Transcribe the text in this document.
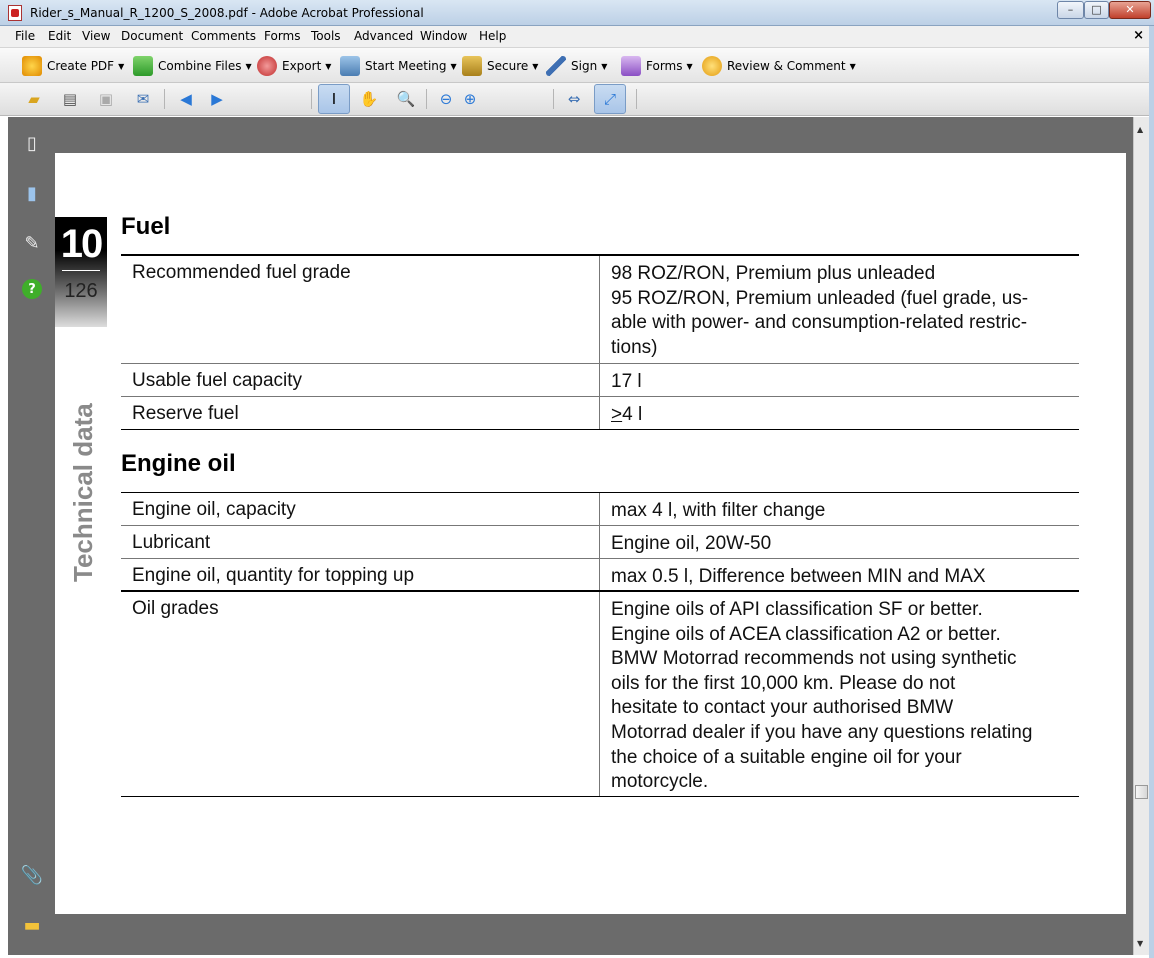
Rider_s_Manual_R_1200_S_2008.pdf - Adobe Acrobat Professional	–	□	✕
File Edit View Document Comments Forms Tools Advanced Window Help	×
Create PDF ▼	Combine Files ▼	Export ▼	Start Meeting ▼	Secure ▼	Sign ▼	Forms ▼	Review & Comment ▼
▰	▤	▣	✉	◀	▶	I	✋ 🔍	⊖ ⊕	⇔	⤢
▯
▮
✎
?
📎
▬
▲
▼
10
126
Technical data
Fuel
Recommended fuel grade	98 ROZ/RON, Premium plus unleaded
95 ROZ/RON, Premium unleaded (fuel grade, us-
able with power- and consumption-related restric-
tions)
Usable fuel capacity	17 l
Reserve fuel	≥4 l
Engine oil
Engine oil, capacity	max 4 l, with filter change
Lubricant	Engine oil, 20W-50
Engine oil, quantity for topping up	max 0.5 l, Difference between MIN and MAX
Oil grades	Engine oils of API classification SF or better.
Engine oils of ACEA classification A2 or better.
BMW Motorrad recommends not using synthetic
oils for the first 10,000 km. Please do not
hesitate to contact your authorised BMW
Motorrad dealer if you have any questions relating
the choice of a suitable engine oil for your
motorcycle.
